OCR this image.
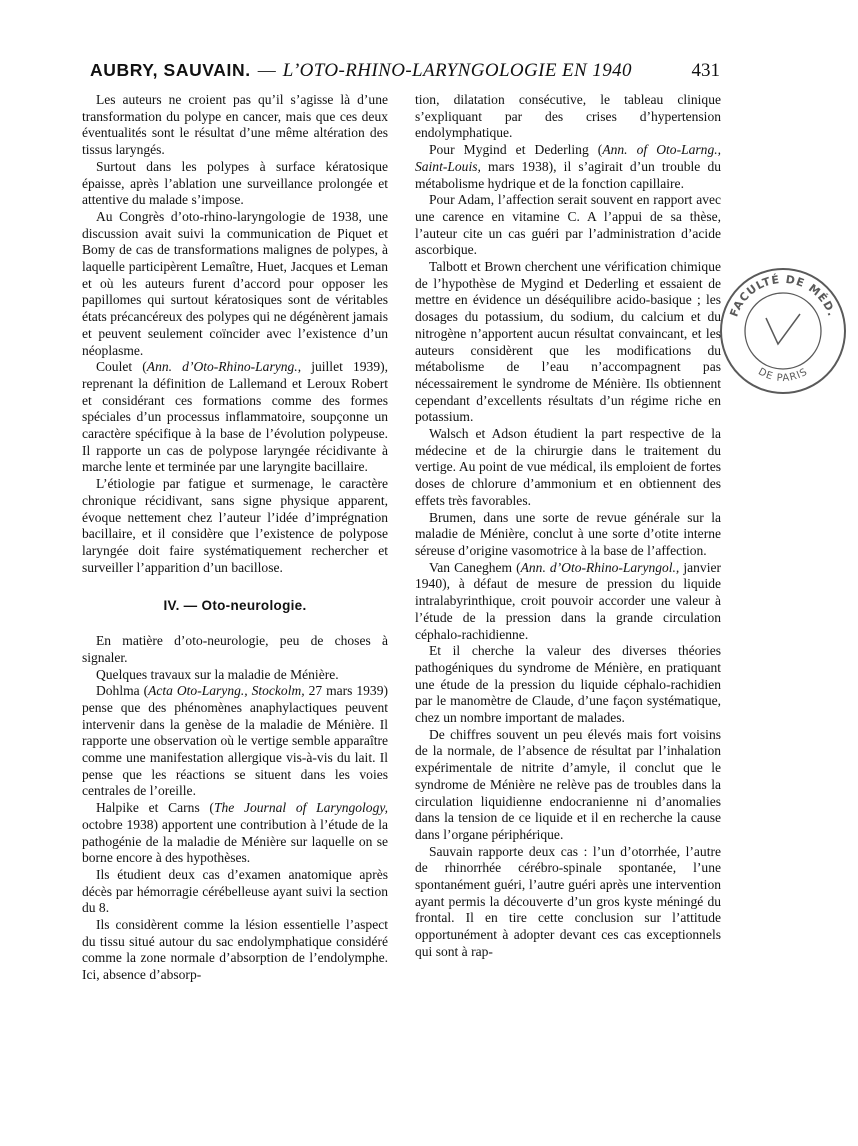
AUBRY, SAUVAIN. — L’OTO-RHINO-LARYNGOLOGIE EN 1940	431

Les auteurs ne croient pas qu’il s’agisse là d’une transformation du polype en cancer, mais que ces deux éventualités sont le résultat d’une même altération des tissus laryngés.

Surtout dans les polypes à surface kératosique épaisse, après l’ablation une surveillance prolongée et attentive du malade s’impose.

Au Congrès d’oto-rhino-laryngologie de 1938, une discussion avait suivi la communication de Piquet et Bomy de cas de transformations malignes de polypes, à laquelle participèrent Lemaître, Huet, Jacques et Leman et où les auteurs furent d’accord pour opposer les papillomes qui surtout kératosiques sont de véritables états précancéreux des polypes qui ne dégénèrent jamais et peuvent seulement coïncider avec l’existence d’un néoplasme.

Coulet (Ann. d’Oto-Rhino-Laryng., juillet 1939), reprenant la définition de Lallemand et Leroux Robert et considérant ces formations comme des formes spéciales d’un processus inflammatoire, soupçonne un caractère spécifique à la base de l’évolution polypeuse. Il rapporte un cas de polypose laryngée récidivante à marche lente et terminée par une laryngite bacillaire.

L’étiologie par fatigue et surmenage, le caractère chronique récidivant, sans signe physique apparent, évoque nettement chez l’auteur l’idée d’imprégnation bacillaire, et il considère que l’existence de polypose laryngée doit faire systématiquement rechercher et surveiller l’apparition d’un bacillose.

IV. — Oto-neurologie.

En matière d’oto-neurologie, peu de choses à signaler.

Quelques travaux sur la maladie de Ménière.

Dohlma (Acta Oto-Laryng., Stockolm, 27 mars 1939) pense que des phénomènes anaphylactiques peuvent intervenir dans la genèse de la maladie de Ménière. Il rapporte une observation où le vertige semble apparaître comme une manifestation allergique vis-à-vis du lait. Il pense que les réactions se situent dans les voies centrales de l’oreille.

Halpike et Carns (The Journal of Laryngology, octobre 1938) apportent une contribution à l’étude de la pathogénie de la maladie de Ménière sur laquelle on se borne encore à des hypothèses.

Ils étudient deux cas d’examen anatomique après décès par hémorragie cérébelleuse ayant suivi la section du 8.

Ils considèrent comme la lésion essentielle l’aspect du tissu situé autour du sac endolymphatique considéré comme la zone normale d’absorption de l’endolymphe. Ici, absence d’absorp-

tion, dilatation consécutive, le tableau clinique s’expliquant par des crises d’hypertension endolymphatique.

Pour Mygind et Dederling (Ann. of Oto-Larng., Saint-Louis, mars 1938), il s’agirait d’un trouble du métabolisme hydrique et de la fonction capillaire.

Pour Adam, l’affection serait souvent en rapport avec une carence en vitamine C. A l’appui de sa thèse, l’auteur cite un cas guéri par l’administration d’acide ascorbique.

Talbott et Brown cherchent une vérification chimique de l’hypothèse de Mygind et Dederling et essaient de mettre en évidence un déséquilibre acido-basique ; les dosages du potassium, du sodium, du calcium et du nitrogène n’apportent aucun résultat convaincant, et les auteurs considèrent que les modifications du métabolisme de l’eau n’accompagnent pas nécessairement le syndrome de Ménière. Ils obtiennent cependant d’excellents résultats d’un régime riche en potassium.

Walsch et Adson étudient la part respective de la médecine et de la chirurgie dans le traitement du vertige. Au point de vue médical, ils emploient de fortes doses de chlorure d’ammonium et en obtiennent des effets très favorables.

Brumen, dans une sorte de revue générale sur la maladie de Ménière, conclut à une sorte d’otite interne séreuse d’origine vasomotrice à la base de l’affection.

Van Caneghem (Ann. d’Oto-Rhino-Laryngol., janvier 1940), à défaut de mesure de pression du liquide intralabyrinthique, croit pouvoir accorder une valeur à l’étude de la pression dans la grande circulation céphalo-rachidienne.

Et il cherche la valeur des diverses théories pathogéniques du syndrome de Ménière, en pratiquant une étude de la pression du liquide céphalo-rachidien par le manomètre de Claude, d’une façon systématique, chez un nombre important de malades.

De chiffres souvent un peu élevés mais fort voisins de la normale, de l’absence de résultat par l’inhalation expérimentale de nitrite d’amyle, il conclut que le syndrome de Ménière ne relève pas de troubles dans la circulation liquidienne endocranienne ni d’anomalies dans la tension de ce liquide et il en recherche la cause dans l’organe périphérique.

Sauvain rapporte deux cas : l’un d’otorrhée, l’autre de rhinorrhée cérébro-spinale spontanée, l’une spontanément guéri, l’autre guéri après une intervention ayant permis la découverte d’un gros kyste méningé du frontal. Il en tire cette conclusion sur l’attitude opportunément à adopter devant ces cas exceptionnels qui sont à rap-

FACULTÉ DE MÉD.
DE PARIS
